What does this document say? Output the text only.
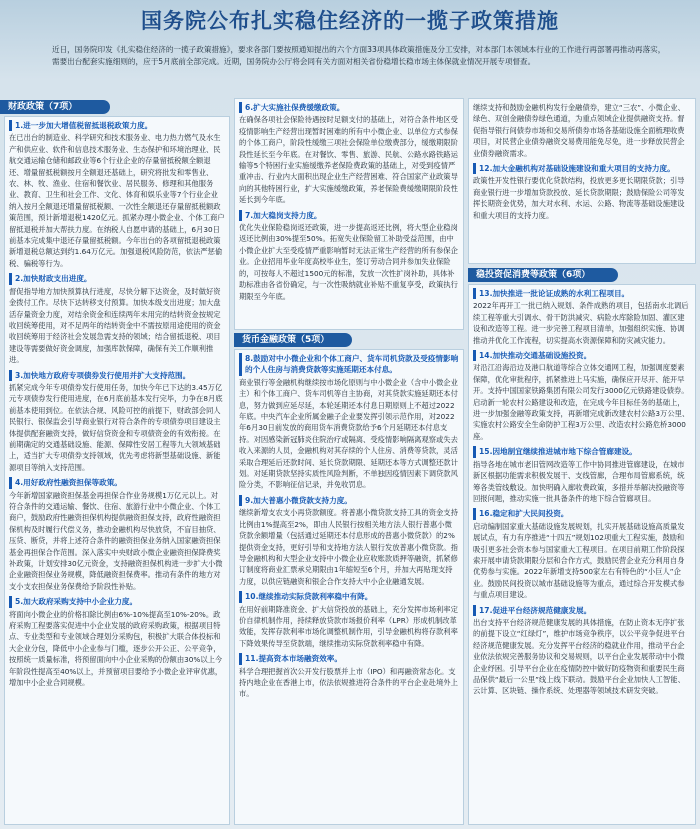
国务院公布扎实稳住经济的一揽子政策措施
近日，国务院印发《扎实稳住经济的一揽子政策措施》，要求各部门要按照通知提出的六个方面33项具体政策措施及分工安排，对本部门本领域本行业的工作进行再部署再推动再落实，需要出台配套实施细则的，应于5月底前全部完成。近期，国务院办公厅将会同有关方面对相关省份稳增长稳市场主体保就业情况开展专项督查。
财政政策（7项）
1.进一步加大增值税留抵退税政策力度。

在已出台的制造业、科学研究和技术服务业、电力热力燃气及水生产和供应业、软件和信息技术服务业、生态保护和环境治理业、民航交通运输仓储和邮政业等6个行业企业的存量留抵税额全额退还、增量留抵税额按月全额退还基础上，研究将批发和零售业、农、林、牧、渔业、住宿和餐饮业、居民服务、修理和其他服务业、教育、卫生和社会工作、文化、体育和娱乐业等7个行业企业纳入按月全额退还增量留抵税额、一次性全额退还存量留抵税额政策范围，预计新增退税1420亿元。抓紧办理小微企业、个体工商户留抵退税并加大帮扶力度。在纳税人自愿申请的基础上，6月30日前基本完成集中退还存量留抵税额。今年出台的各项留抵退税政策新增退税总额达到约1.64万亿元。加强退税风险防范，依法严惩偷税、骗税等行为。

2.加快财政支出进度。

督促指导地方加快预算执行进度，尽快分解下达资金，及时做好资金拨付工作。尽快下达转移支付预算。加快本级支出进度；加大盘活存量资金力度，对结余资金和连续两年未用完的结转资金按规定收回统筹使用，对不足两年的结转资金中不需按原用途使用的资金收回统筹用于经济社会发展急需支持的领域；结合留抵退税、项目建设等需要做好资金调度，加强库款保障，确保有关工作顺利推进。

3.加快地方政府专项债券发行使用并扩大支持范围。

抓紧完成今年专项债券发行使用任务，加快今年已下达的3.45万亿元专项债券发行使用进度，在6月底前基本发行完毕，力争在8月底前基本使用到位。在依法合规、风险可控的前提下，财政部会同人民银行、银保监会引导商业银行对符合条件的专项债券项目建设主体提供配套融资支持，做好信贷资金和专项债资金的有效衔接。在前期确定的交通基础设施、能源、保障性安居工程等九大领域基础上，适当扩大专项债券支持领域，优先考虑将新型基础设施、新能源项目等纳入支持范围。

4.用好政府性融资担保等政策。

今年新增国家融资担保基金再担保合作业务规模1万亿元以上。对符合条件的交通运输、餐饮、住宿、旅游行业中小微企业、个体工商户，鼓励政府性融资担保机构提供融资担保支持，政府性融资担保机构及时履行代偿义务，推动金融机构尽快放贷，不盲目抽贷、压贷、断贷，并将上述符合条件的融资担保业务纳入国家融资担保基金再担保合作范围。深入落实中央财政小微企业融资担保降费奖补政策，计划安排30亿元资金，支持融资担保机构进一步扩大小微企业融资担保业务规模，降低融资担保费率。推动有条件的地方对支小支农担保业务保费给予阶段性补贴。

5.加大政府采购支持中小企业力度。

将面向小微企业的价格扣除比例由6%-10%提高至10%-20%。政府采购工程要落实促进中小企业发展的政府采购政策，根据项目特点、专业类型和专业领域合理划分采购包，积极扩大联合体投标和大企业分包，降低中小企业参与门槛，逐步公开公正、公平竞争，按照统一质量标准，将预留面向中小企业采购的份额由30%以上今年阶段性提高至40%以上，并预留项目要给予小微企业评审优惠，增加中小企业合同规模。

6.扩大实施社保费缓缴政策。

在确保各项社会保险待遇按时足额支付的基础上，对符合条件地区受疫情影响生产经营出现暂时困难的所有中小微企业、以单位方式参保的个体工商户，阶段性缓缴三项社会保险单位缴费部分，缓缴期限阶段性延长至今年底。在对餐饮、零售、旅游、民航、公路水路铁路运输等5个特困行业实施缓缴养老保险费政策的基础上，对受到疫情严重冲击、行业内大面积出现企业生产经营困难、符合国家产业政策导向的其他特困行业，扩大实施缓缴政策，养老保险费缓缴期限阶段性延长到今年底。

7.加大稳岗支持力度。

优化失业保险稳岗返还政策，进一步提高返还比例，将大型企业稳岗返还比例由30%提至50%。拓宽失业保险留工补助受益范围，由中小微企业扩大至受疫情严重影响暂时无法正常生产经营的所有参保企业。企业招用毕业年度高校毕业生，签订劳动合同并参加失业保险的，可按每人不超过1500元的标准，发放一次性扩岗补助，具体补助标准由各省份确定，与一次性吸纳就业补贴不重复享受，政策执行期限至今年底。

货币金融政策（5项）
8.鼓励对中小微企业和个体工商户、货车司机贷款及受疫情影响的个人住房与消费贷款等实施延期还本付息。

商业银行等金融机构继续按市场化原则与中小微企业（含中小微企业主）和个体工商户、货车司机等自主协商，对其贷款实施延期还本付息，努力做到应延尽延，本轮延期还本付息日期原则上不超过2022年底。中央汽车企业所属金融子企业要发挥引领示范作用，对2022年6月30日前发放的商用货车消费贷款给予6个月延期还本付息支持。对因感染新冠肺炎住院治疗或隔离、受疫情影响隔离观察或失去收入来源的人员，金融机构对其存续的个人住房、消费等贷款，灵活采取合理延后还款时间、延长贷款期限、延期还本等方式调整还款计划。对延期贷款坚持实质性风险判断，不单独因疫情因素下调贷款风险分类，不影响征信记录，并免收罚息。

9.加大普惠小微贷款支持力度。

继续新增支农支小再贷款额度。将普惠小微贷款支持工具的资金支持比例由1%提高至2%，即由人民银行按相关地方法人银行普惠小微贷款余额增量（包括通过延期还本付息形成的普惠小微贷款）的2%提供资金支持，更好引导和支持地方法人银行发放普惠小微贷款。指导金融机构和大型企业支持中小微企业应收账款质押等融资，抓紧修订制度将商业汇票承兑期限由1年缩短至6个月，并加大再贴现支持力度，以供应链融资和银企合作支持大中小企业融通发展。

10.继续推动实际贷款利率稳中有降。

在用好前期降准资金、扩大信贷投放的基础上，充分发挥市场利率定价自律机制作用，持续释放贷款市场报价利率（LPR）形成机制改革效能，发挥存款利率市场化调整机制作用，引导金融机构将存款利率下降效果传导至贷款端，继续推动实际贷款利率稳中有降。

11.提高资本市场融资效率。

科学合理把握首次公开发行股票并上市（IPO）和再融资常态化。支持内地企业在香港上市，依法依规推进符合条件的平台企业赴境外上市。

继续支持和鼓励金融机构发行金融债券，建立“三农”、小微企业、绿色、双创金融债券绿色通道，为重点领域企业提供融资支持。督促指导银行间债券市场和交易所债券市场各基础设施全面梳理收费项目，对民营企业债券融资交易费用能免尽免，进一步释放民营企业债券融资需求。

12.加大金融机构对基础设施建设和重大项目的支持力度。

政策性开发性银行要优化贷款结构，投放更多更长期限贷款；引导商业银行进一步增加贷款投放、延长贷款期限；鼓励保险公司等发挥长期资金优势，加大对水利、水运、公路、物流等基础设施建设和重大项目的支持力度。

稳投资促消费等政策（6项）
13.加快推进一批论证成熟的水利工程项目。

2022年再开工一批已纳入规划、条件成熟的项目，包括南水北调后续工程等重大引调水、骨干防洪减灾、病险水库除险加固、灌区建设和改造等工程。进一步完善工程项目清单，加强组织实施、协调推动并优化工作流程，切实提高水资源保障和防灾减灾能力。

14.加快推动交通基础设施投资。

对沿江沿海沿边及港口航道等综合立体交通网工程，加强调度要素保障，优化审批程序，抓紧推进上马实施，确保应开尽开、能开早开。支持中国国家铁路集团有限公司发行3000亿元铁路建设债券。启动新一轮农村公路建设和改造，在完成今年目标任务的基础上，进一步加强金融等政策支持，再新增完成新改建农村公路3万公里、实施农村公路安全生命防护工程3万公里、改造农村公路危桥3000座。

15.因地制宜继续推进城市地下综合管廊建设。

指导各地在城市老旧管网改造等工作中协同推进管廊建设，在城市新区根据功能需求积极发展干、支线管廊，合理布局管廊系统，统筹各类管线敷设。加快明确入廊收费政策，多措并举解决投融资等回报问题，推动实施一批具备条件的地下综合管廊项目。

16.稳定和扩大民间投资。

启动编制国家重大基础设施发展规划，扎实开展基础设施高质量发展试点，有力有序推进“十四五”规划102项重大工程实施，鼓励和吸引更多社会资本参与国家重大工程项目。在项目前期工作阶段探索开展申请贷款期限分层和合作方式，鼓励民营企业充分利用自身优势参与实施。2022年新增支持500家左右有特色的“小巨人”企业。鼓励民间投资以城市基础设施等为重点，通过综合开发模式参与重点项目建设。

17.促进平台经济规范健康发展。

出台支持平台经济规范健康发展的具体措施，在防止资本无序扩张的前提下设立“红绿灯”，维护市场竞争秩序，以公平竞争促进平台经济规范健康发展。充分发挥平台经济的稳就业作用，推动平台企业依法依规完善服务协议和交易规则，以平台企业发展带动中小微企业纾困。引导平台企业在疫情防控中做好防疫物资和重要民生商品保供“最后一公里”线上线下联动。鼓励平台企业加快人工智能、云计算、区块链、操作系统、处理器等领域技术研发突破。
